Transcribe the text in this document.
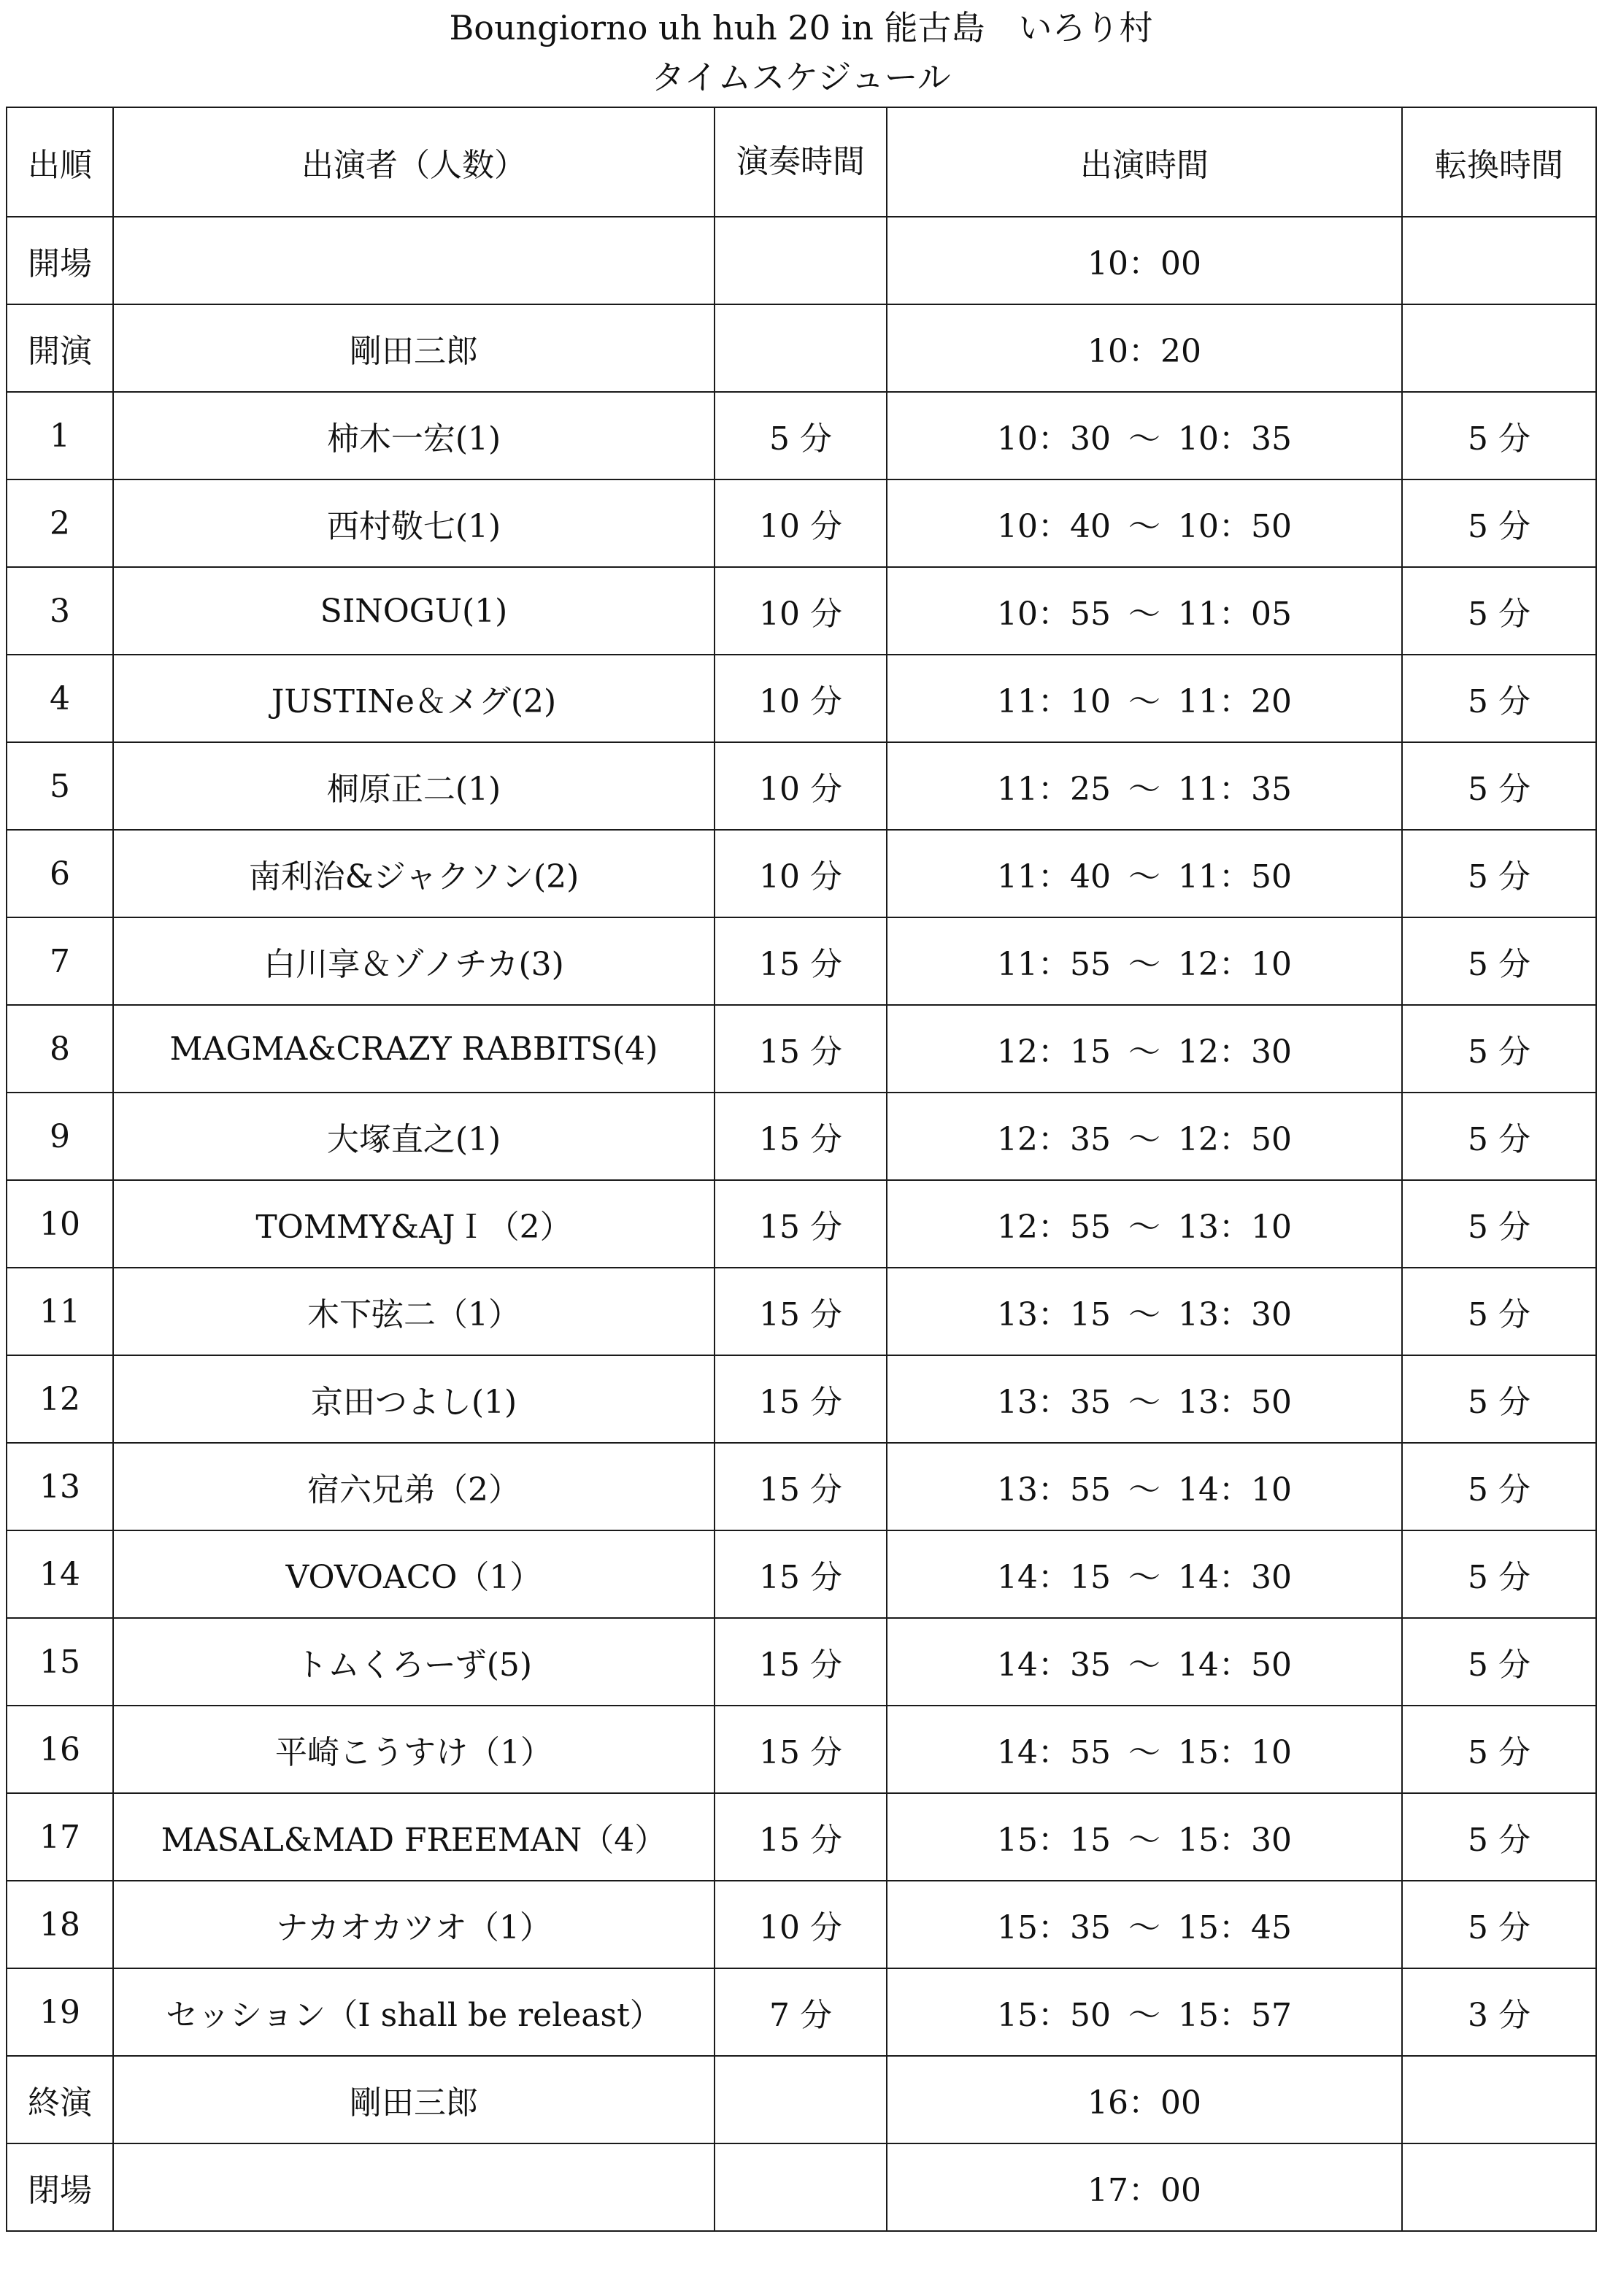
Boungiorno uh huh 20 in 能古島　いろり村
タイムスケジュール
出順	出演者（人数）	演奏時間	出演時間	転換時間
開場			10：00	
開演	剛田三郎		10：20	
1	柿木一宏(1)	5 分	10：30 〜 10：35	5 分
2	西村敬七(1)	10 分	10：40 〜 10：50	5 分
3	SINOGU(1)	10 分	10：55 〜 11：05	5 分
4	JUSTINe＆メグ(2)	10 分	11：10 〜 11：20	5 分
5	桐原正二(1)	10 分	11：25 〜 11：35	5 分
6	南利治&ジャクソン(2)	10 分	11：40 〜 11：50	5 分
7	白川享＆ゾノチカ(3)	15 分	11：55 〜 12：10	5 分
8	MAGMA&CRAZY RABBITS(4)	15 分	12：15 〜 12：30	5 分
9	大塚直之(1)	15 分	12：35 〜 12：50	5 分
10	TOMMY&AJＩ（2）	15 分	12：55 〜 13：10	5 分
11	木下弦二（1）	15 分	13：15 〜 13：30	5 分
12	京田つよし(1)	15 分	13：35 〜 13：50	5 分
13	宿六兄弟（2）	15 分	13：55 〜 14：10	5 分
14	VOVOACO（1）	15 分	14：15 〜 14：30	5 分
15	トムくろーず(5)	15 分	14：35 〜 14：50	5 分
16	平崎こうすけ（1）	15 分	14：55 〜 15：10	5 分
17	MASAL&MAD FREEMAN（4）	15 分	15：15 〜 15：30	5 分
18	ナカオカツオ（1）	10 分	15：35 〜 15：45	5 分
19	セッション（I shall be releast）	7 分	15：50 〜 15：57	3 分
終演	剛田三郎		16：00	
閉場			17：00	
